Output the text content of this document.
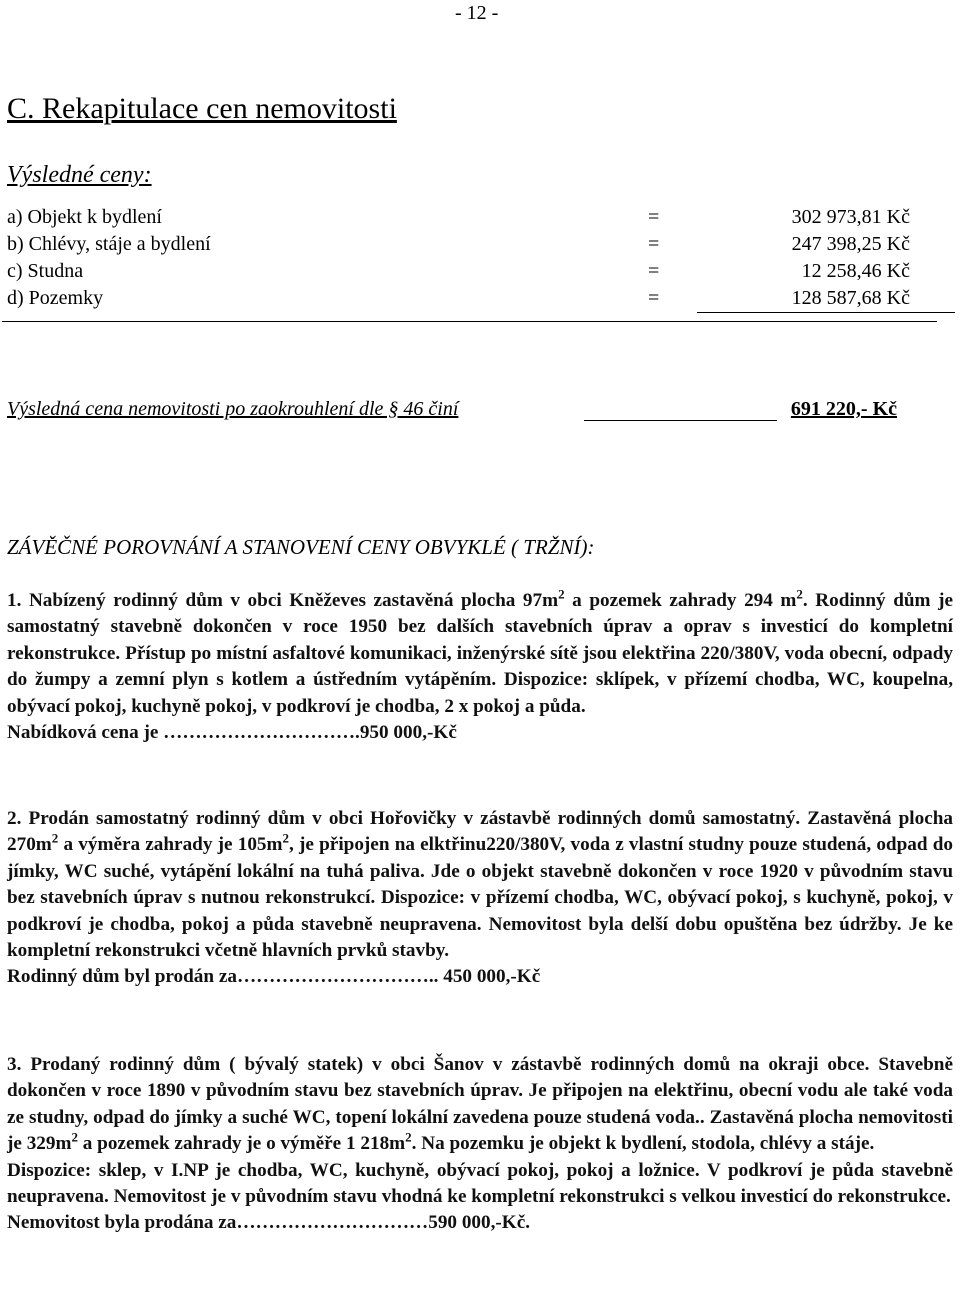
- 12 -
C. Rekapitulace cen nemovitosti
Výsledné ceny:
a) Objekt k bydlení	=	302 973,81 Kč
b) Chlévy, stáje a bydlení	=	247 398,25 Kč
c) Studna	=	12 258,46 Kč
d) Pozemky	=	128 587,68 Kč
Výsledná cena nemovitosti po zaokrouhlení dle § 46 činí	691 220,- Kč
ZÁVĚČNÉ POROVNÁNÍ A STANOVENÍ CENY OBVYKLÉ ( TRŽNÍ):

1. Nabízený rodinný dům v obci Kněževes zastavěná plocha $97m^2$ a pozemek zahrady 294 $m^2$. Rodinný dům je samostatný stavebně dokončen v roce 1950 bez dalších stavebních úprav a oprav s investicí do kompletní rekonstrukce. Přístup po místní asfaltové komunikaci, inženýrské sítě jsou elektřina 220/380V, voda obecní, odpady do žumpy a zemní plyn s kotlem a ústředním vytápěním. Dispozice: sklípek, v přízemí chodba, WC, koupelna, obývací pokoj, kuchyně pokoj, v podkroví je chodba, 2 x pokoj a půda.
Nabídková cena je ………………………….950 000,-Kč

2. Prodán samostatný rodinný dům v obci Hořovičky v zástavbě rodinných domů samostatný. Zastavěná plocha $270m^2$ a výměra zahrady je $105m^2$, je připojen na elktřinu220/380V, voda z vlastní studny pouze studená, odpad do jímky, WC suché, vytápění lokální na tuhá paliva. Jde o objekt stavebně dokončen v roce 1920 v původním stavu bez stavebních úprav s nutnou rekonstrukcí. Dispozice: v přízemí chodba, WC, obývací pokoj, s kuchyně, pokoj, v podkroví je chodba, pokoj a půda stavebně neupravena. Nemovitost byla delší dobu opuštěna bez údržby. Je ke kompletní rekonstrukci včetně hlavních prvků stavby.
Rodinný dům byl prodán za………………………….. 450 000,-Kč

3. Prodaný rodinný dům ( bývalý statek) v obci Šanov v zástavbě rodinných domů na okraji obce. Stavebně dokončen v roce 1890 v původním stavu bez stavebních úprav. Je připojen na elektřinu, obecní vodu ale také voda ze studny, odpad do jímky a suché WC, topení lokální zavedena pouze studená voda.. Zastavěná plocha nemovitosti je $329m^2$ a pozemek zahrady je o výměře 1 $218m^2$. Na pozemku je objekt k bydlení, stodola, chlévy a stáje.
Dispozice: sklep, v I.NP je chodba, WC, kuchyně, obývací pokoj, pokoj a ložnice. V podkroví je půda stavebně neupravena. Nemovitost je v původním stavu vhodná ke kompletní rekonstrukci s velkou investicí do rekonstrukce.
Nemovitost byla prodána za…………………………590 000,-Kč.
